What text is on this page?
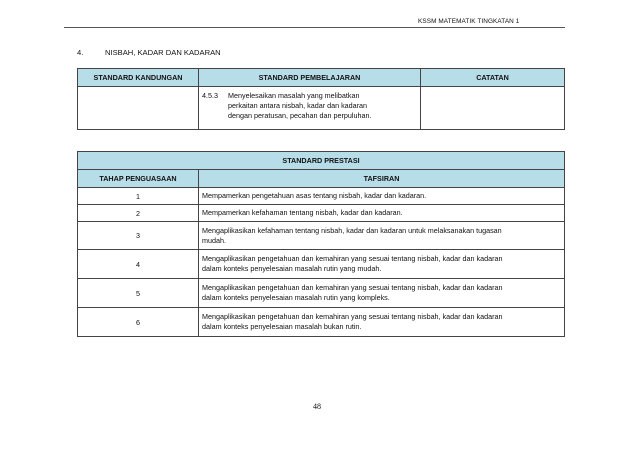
KSSM MATEMATIK TINGKATAN 1
4.	NISBAH, KADAR DAN KADARAN
STANDARD KANDUNGAN	STANDARD PEMBELAJARAN	CATATAN

	4.5.3 Menyelesaikan masalah yang melibatkan
perkaitan antara nisbah, kadar dan kadaran
dengan peratusan, pecahan dan perpuluhan.	

STANDARD PRESTASI	
TAHAP PENGUASAAN	TAFSIRAN
1	Mempamerkan pengetahuan asas tentang nisbah, kadar dan kadaran.

2	Mempamerkan kefahaman tentang nisbah, kadar dan kadaran.

3	Mengaplikasikan kefahaman tentang nisbah, kadar dan kadaran untuk melaksanakan tugasan
mudah.

4	Mengaplikasikan pengetahuan dan kemahiran yang sesuai tentang nisbah, kadar dan kadaran
dalam konteks penyelesaian masalah rutin yang mudah.

5	Mengaplikasikan pengetahuan dan kemahiran yang sesuai tentang nisbah, kadar dan kadaran
dalam konteks penyelesaian masalah rutin yang kompleks.

6	Mengaplikasikan pengetahuan dan kemahiran yang sesuai tentang nisbah, kadar dan kadaran
dalam konteks penyelesaian masalah bukan rutin.
48
